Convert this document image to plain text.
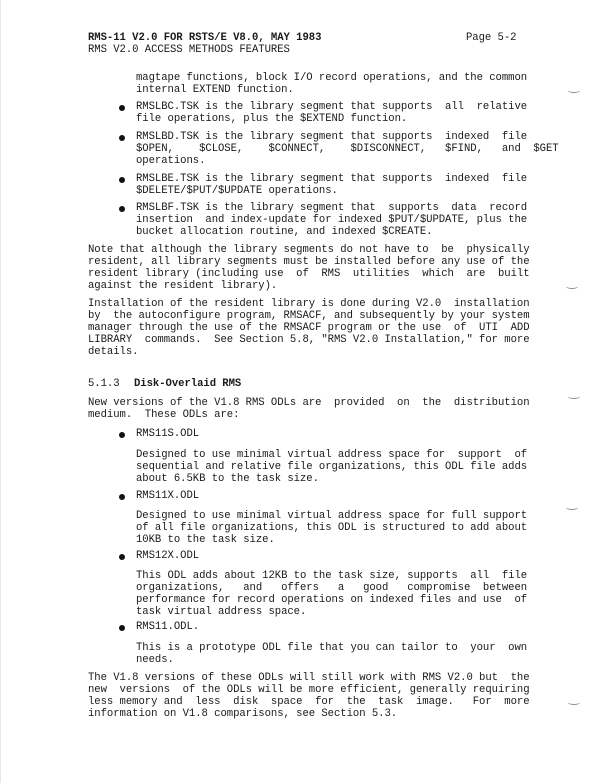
RMS-11 V2.0 FOR RSTS/E V8.0, MAY 1983
RMS V2.0 ACCESS METHODS FEATURES
Page 5-2
magtape functions, block I/O record operations, and the common
internal EXTEND function.
RMSLBC.TSK is the library segment that supports  all  relative
file operations, plus the $EXTEND function.
RMSLBD.TSK is the library segment that supports  indexed  file
$OPEN,    $CLOSE,    $CONNECT,    $DISCONNECT,   $FIND,   and  $GET
operations.
RMSLBE.TSK is the library segment that supports  indexed  file
$DELETE/$PUT/$UPDATE operations.
RMSLBF.TSK is the library segment that  supports  data  record
insertion  and index-update for indexed $PUT/$UPDATE, plus the
bucket allocation routine, and indexed $CREATE.
Note that although the library segments do not have to  be  physically
resident, all library segments must be installed before any use of the
resident library (including use  of  RMS  utilities  which  are  built
against the resident library).
Installation of the resident library is done during V2.0  installation
by  the autoconfigure program, RMSACF, and subsequently by your system
manager through the use of the RMSACF program or the use  of  UTI  ADD
LIBRARY  commands.  See Section 5.8, "RMS V2.0 Installation," for more
details.
5.1.3 Disk-Overlaid RMS
New versions of the V1.8 RMS ODLs are  provided  on  the  distribution
medium.  These ODLs are:
RMS11S.ODL
Designed to use minimal virtual address space for  support  of
sequential and relative file organizations, this ODL file adds
about 6.5KB to the task size.
RMS11X.ODL
Designed to use minimal virtual address space for full support
of all file organizations, this ODL is structured to add about
10KB to the task size.
RMS12X.ODL
This ODL adds about 12KB to the task size, supports  all  file
organizations,   and   offers   a   good   compromise  between
performance for record operations on indexed files and use  of
task virtual address space.
RMS11.ODL.
This is a prototype ODL file that you can tailor to  your  own
needs.
The V1.8 versions of these ODLs will still work with RMS V2.0 but  the
new  versions  of the ODLs will be more efficient, generally requiring
less memory and  less  disk  space  for  the  task  image.   For  more
information on V1.8 comparisons, see Section 5.3.
